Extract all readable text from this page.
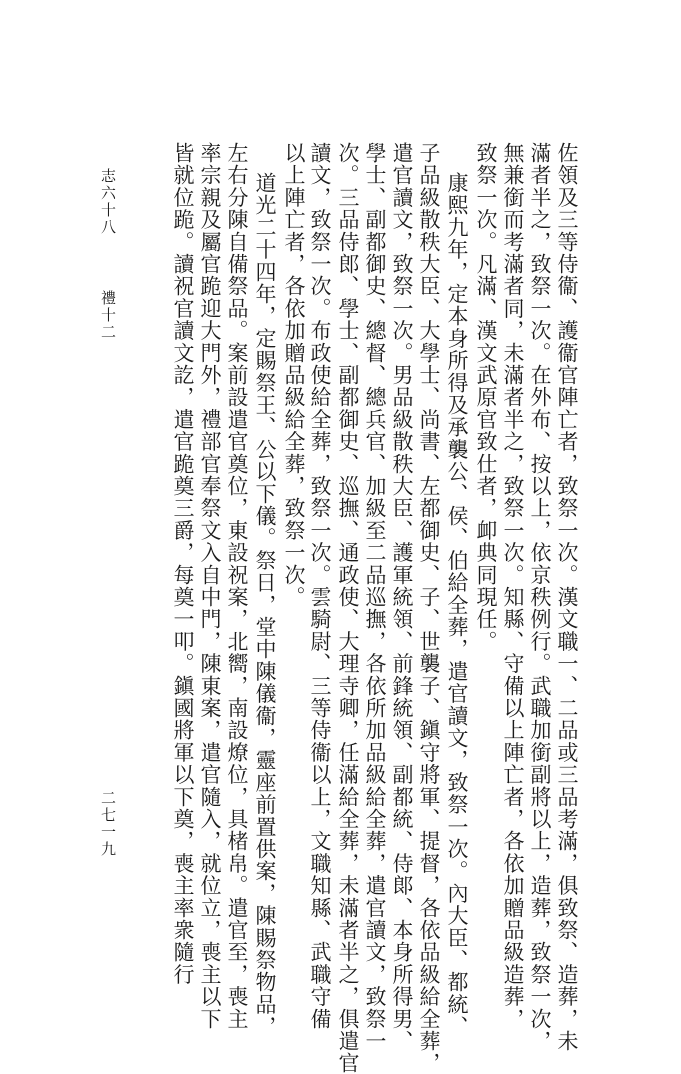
佐領及三等侍衞、護衞官陣亡者，致祭一次。漢文職一、二品或三品考滿，俱致祭、造葬，未
滿者半之，致祭一次。在外布、按以上，依京秩例行。武職加銜副將以上，造葬，致祭一次，
無兼銜而考滿者同，未滿者半之，致祭一次。知縣、守備以上陣亡者，各依加贈品級造葬，
致祭一次。凡滿、漢文武原官致仕者，卹典同現任。
康熙九年，定本身所得及承襲公、侯、伯給全葬，遣官讀文，致祭一次。內大臣、都統、
子品級散秩大臣、大學士、尚書、左都御史、子、世襲子、鎭守將軍、提督，各依品級給全葬，
遣官讀文，致祭一次。男品級散秩大臣、護軍統領、前鋒統領、副都統、侍郞、本身所得男、
學士、副都御史、總督、總兵官、加級至二品巡撫，各依所加品級給全葬，遣官讀文，致祭一
次。三品侍郎、學士、副都御史、巡撫、通政使、大理寺卿，任滿給全葬，未滿者半之，俱遣官
讀文，致祭一次。布政使給全葬，致祭一次。雲騎尉、三等侍衞以上，文職知縣、武職守備
以上陣亡者，各依加贈品級給全葬，致祭一次。
道光二十四年，定賜祭王、公以下儀。祭日，堂中陳儀衞，靈座前置供案，陳賜祭物品，
左右分陳自備祭品。案前設遣官奠位，東設祝案，北嚮，南設燎位，具楮帛。遣官至，喪主
率宗親及屬官跪迎大門外，禮部官奉祭文入自中門，陳東案，遣官隨入，就位立，喪主以下
皆就位跪。讀祝官讀文訖，遣官跪奠三爵，每奠一叩。鎭國將軍以下奠，喪主率衆隨行
志六十八
禮十二
二七一九
